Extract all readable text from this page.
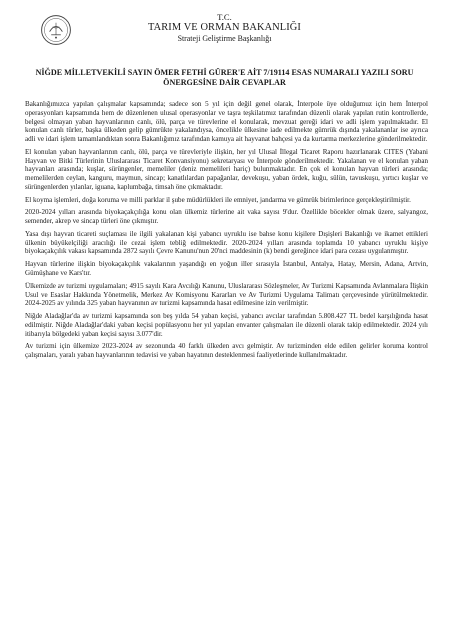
T.C.
TARIM VE ORMAN BAKANLIĞI
Strateji Geliştirme Başkanlığı
NİĞDE MİLLETVEKİLİ SAYIN ÖMER FETHİ GÜRER'E AİT 7/19114 ESAS NUMARALI YAZILI SORU ÖNERGESİNE DAİR CEVAPLAR

Bakanlığımızca yapılan çalışmalar kapsamında; sadece son 5 yıl için değil genel olarak, İnterpole üye olduğumuz için hem İnterpol operasyonları kapsamında hem de düzenlenen ulusal operasyonlar ve taşra teşkilatımız tarafından düzenli olarak yapılan rutin kontrollerde, belgesi olmayan yaban hayvanlarının canlı, ölü, parça ve türevlerine el konularak, mevzuat gereği idari ve adli işlem yapılmaktadır. El konulan canlı türler, başka ülkeden gelip gümrükte yakalandıysa, öncelikle ülkesine iade edilmekte gümrük dışında yakalananlar ise ayrıca adli ve idari işlem tamamlandıktan sonra Bakanlığımız tarafından kamuya ait hayvanat bahçesi ya da kurtarma merkezlerine gönderilmektedir.

El konulan yaban hayvanlarının canlı, ölü, parça ve türevleriyle ilişkin, her yıl Ulusal İllegal Ticaret Raporu hazırlanarak CITES (Yabani Hayvan ve Bitki Türlerinin Uluslararası Ticaret Konvansiyonu) sekretaryası ve İnterpole gönderilmektedir. Yakalanan ve el konulan yaban hayvanları arasında; kuşlar, sürüngenler, memeliler (deniz memelileri hariç) bulunmaktadır. En çok el konulan hayvan türleri arasında; memelilerden ceylan, kanguru, maymun, sincap; kanatlılardan papağanlar, devekuşu, yaban ördek, kuğu, sülün, tavuskuşu, yırtıcı kuşlar ve sürüngenlerden yılanlar, iguana, kaplumbağa, timsah öne çıkmaktadır.

El koyma işlemleri, doğa koruma ve milli parklar il şube müdürlükleri ile emniyet, jandarma ve gümrük birimlerince gerçekleştirilmiştir.

2020-2024 yılları arasında biyokaçakçılığa konu olan ülkemiz türlerine ait vaka sayısı 9'dur. Özellikle böcekler olmak üzere, salyangoz, semender, akrep ve sincap türleri öne çıkmıştır.

Yasa dışı hayvan ticareti suçlaması ile ilgili yakalanan kişi yabancı uyruklu ise bahse konu kişilere Dışişleri Bakanlığı ve ikamet ettikleri ülkenin büyükelçiliği aracılığı ile cezai işlem tebliğ edilmektedir. 2020-2024 yılları arasında toplamda 10 yabancı uyruklu kişiye biyokaçakçılık vakası kapsamında 2872 sayılı Çevre Kanunu'nun 20'nci maddesinin (k) bendi gereğince idari para cezası uygulanmıştır.

Hayvan türlerine ilişkin biyokaçakçılık vakalarının yaşandığı en yoğun iller sırasıyla İstanbul, Antalya, Hatay, Mersin, Adana, Artvin, Gümüşhane ve Kars'tır.

Ülkemizde av turizmi uygulamaları; 4915 sayılı Kara Avcılığı Kanunu, Uluslararası Sözleşmeler, Av Turizmi Kapsamında Avlanmalara İlişkin Usul ve Esaslar Hakkında Yönetmelik, Merkez Av Komisyonu Kararları ve Av Turizmi Uygulama Talimatı çerçevesinde yürütülmektedir. 2024-2025 av yılında 325 yaban hayvanının av turizmi kapsamında hasat edilmesine izin verilmiştir.

Niğde Aladağlar'da av turizmi kapsamında son beş yılda 54 yaban keçisi, yabancı avcılar tarafından 5.808.427 TL bedel karşılığında hasat edilmiştir. Niğde Aladağlar'daki yaban keçisi popülasyonu her yıl yapılan envanter çalışmaları ile düzenli olarak takip edilmektedir. 2024 yılı itibarıyla bölgedeki yaban keçisi sayısı 3.077'dir.

Av turizmi için ülkemize 2023-2024 av sezonunda 40 farklı ülkeden avcı gelmiştir. Av turizminden elde edilen gelirler koruma kontrol çalışmaları, yaralı yaban hayvanlarının tedavisi ve yaban hayatının desteklenmesi faaliyetlerinde kullanılmaktadır.
